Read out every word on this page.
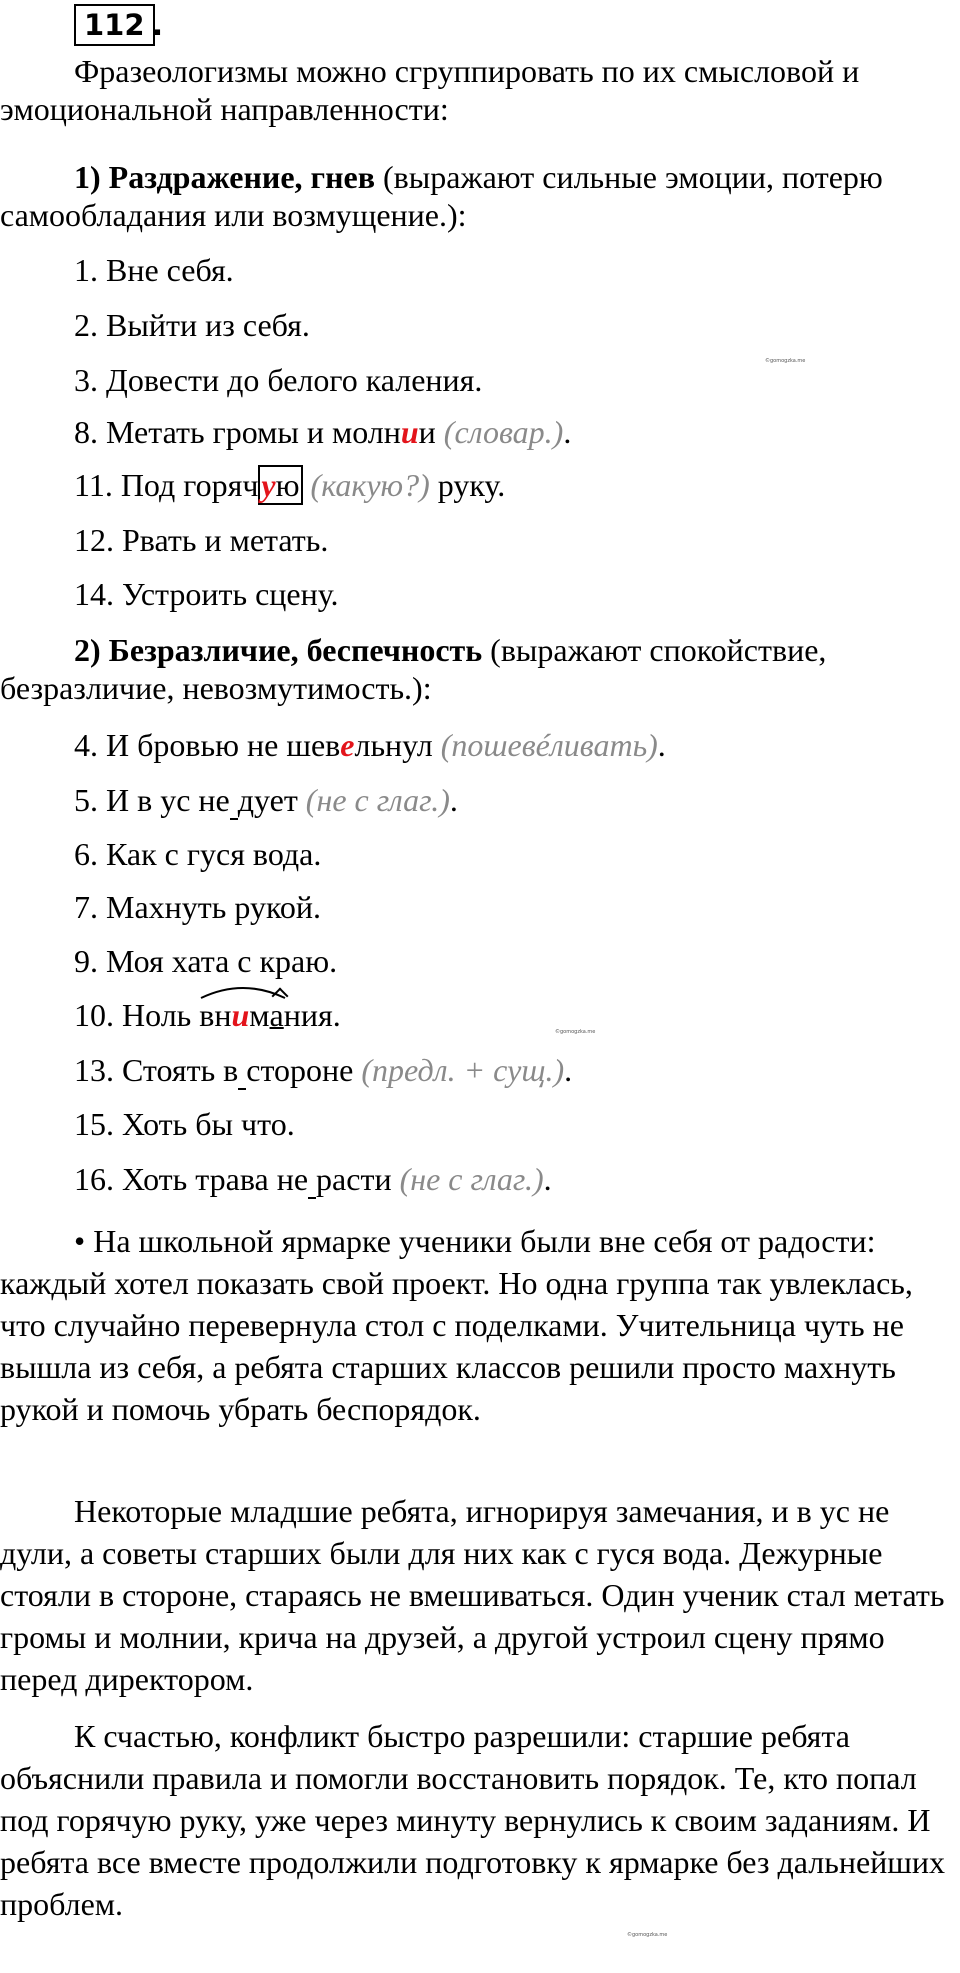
112 .
Фразеологизмы можно сгруппировать по их смысловой и эмоциональной направленности:
1) Раздражение, гнев (выражают сильные эмоции, потерю самообладания или возмущение.):
1. Вне себя.
2. Выйти из себя.
3. Довести до белого каления.
8. Метать громы и молнии (словар.).
11. Под горячую (какую?) руку.
12. Рвать и метать.
14. Устроить сцену.
2) Безразличие, беспечность (выражают спокойствие, безразличие, невозмутимость.):
4. И бровью не шевельнул (пошевéливать).
5. И в ус не дует (не с глаг.).
6. Как с гуся вода.
7. Махнуть рукой.
9. Моя хата с краю.
10. Ноль
внимания.
13. Стоять в стороне (предл. + сущ.).
15. Хоть бы что.
16. Хоть трава не расти (не с глаг.).
• На школьной ярмарке ученики были вне себя от радости: каждый хотел показать свой проект. Но одна группа так увлеклась, что случайно перевернула стол с поделками. Учительница чуть не вышла из себя, а ребята старших классов решили просто махнуть рукой и помочь убрать беспорядок.
Некоторые младшие ребята, игнорируя замечания, и в ус не дули, а советы старших были для них как с гуся вода. Дежурные стояли в стороне, стараясь не вмешиваться. Один ученик стал метать громы и молнии, крича на друзей, а другой устроил сцену прямо перед директором.
К счастью, конфликт быстро разрешили: старшие ребята объяснили правила и помогли восстановить порядок. Те, кто попал под горячую руку, уже через минуту вернулись к своим заданиям. И ребята все вместе продолжили подготовку к ярмарке без дальнейших проблем.
©gomogzka.me
©gomogzka.me
©gomogzka.me
